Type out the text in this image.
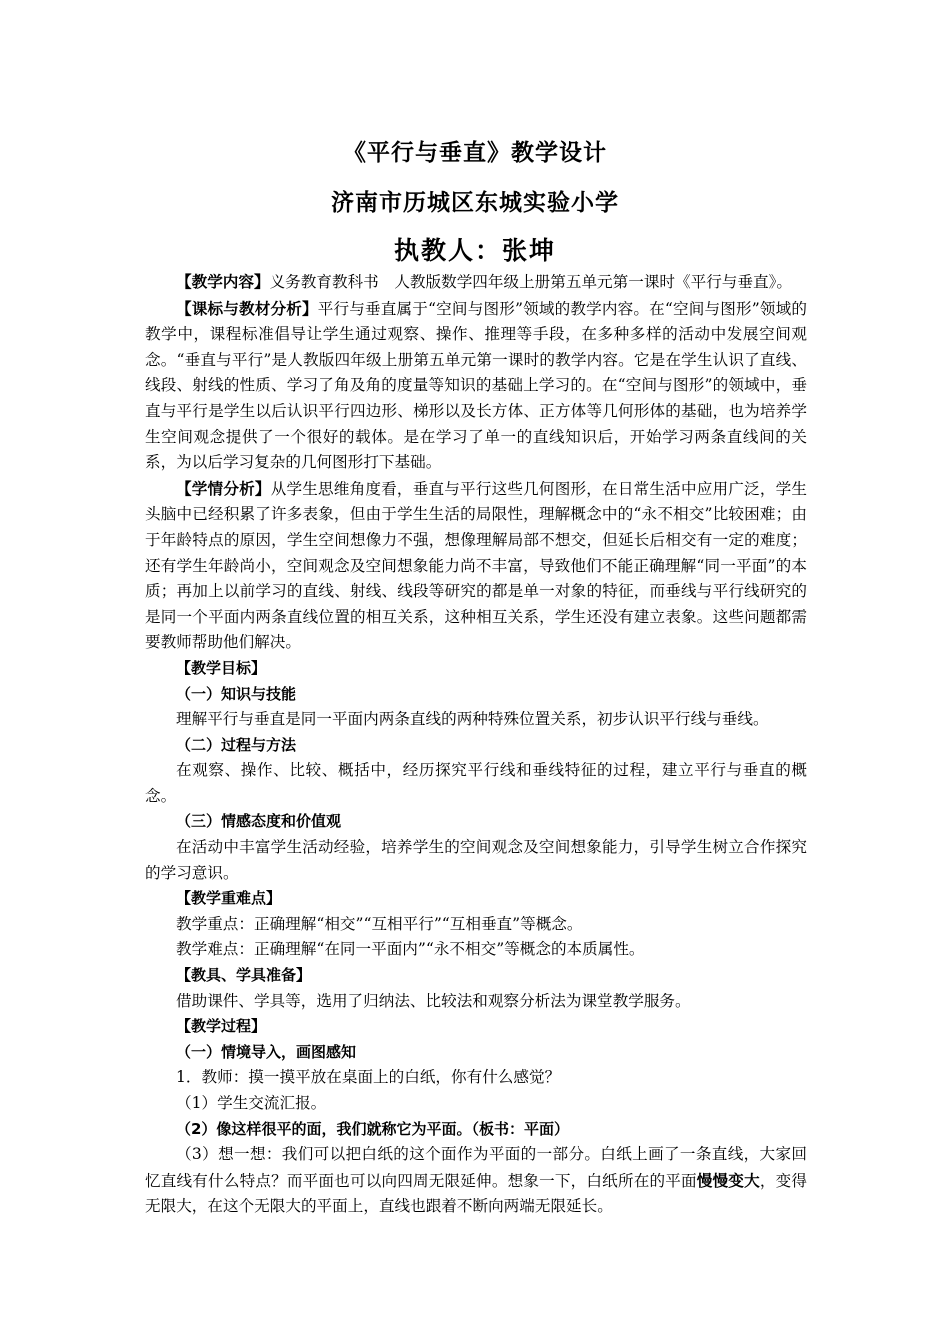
《平行与垂直》教学设计
济南市历城区东城实验小学
执教人：张坤

【教学内容】义务教育教科书　人教版数学四年级上册第五单元第一课时《平行与垂直》。

【课标与教材分析】平行与垂直属于“空间与图形”领域的教学内容。在“空间与图形”领域的教学中，课程标准倡导让学生通过观察、操作、推理等手段，在多种多样的活动中发展空间观念。“垂直与平行”是人教版四年级上册第五单元第一课时的教学内容。它是在学生认识了直线、线段、射线的性质、学习了角及角的度量等知识的基础上学习的。在“空间与图形”的领域中，垂直与平行是学生以后认识平行四边形、梯形以及长方体、正方体等几何形体的基础，也为培养学生空间观念提供了一个很好的载体。是在学习了单一的直线知识后，开始学习两条直线间的关系，为以后学习复杂的几何图形打下基础。

【学情分析】从学生思维角度看，垂直与平行这些几何图形，在日常生活中应用广泛，学生头脑中已经积累了许多表象，但由于学生生活的局限性，理解概念中的“永不相交”比较困难；由于年龄特点的原因，学生空间想像力不强，想像理解局部不想交，但延长后相交有一定的难度；还有学生年龄尚小，空间观念及空间想象能力尚不丰富，导致他们不能正确理解“同一平面”的本质；再加上以前学习的直线、射线、线段等研究的都是单一对象的特征，而垂线与平行线研究的是同一个平面内两条直线位置的相互关系，这种相互关系，学生还没有建立表象。这些问题都需要教师帮助他们解决。

【教学目标】

（一）知识与技能

理解平行与垂直是同一平面内两条直线的两种特殊位置关系，初步认识平行线与垂线。

（二）过程与方法

在观察、操作、比较、概括中，经历探究平行线和垂线特征的过程，建立平行与垂直的概念。

（三）情感态度和价值观

在活动中丰富学生活动经验，培养学生的空间观念及空间想象能力，引导学生树立合作探究的学习意识。

【教学重难点】

教学重点：正确理解“相交”“互相平行”“互相垂直”等概念。

教学难点：正确理解“在同一平面内”“永不相交”等概念的本质属性。

【教具、学具准备】

借助课件、学具等，选用了归纳法、比较法和观察分析法为课堂教学服务。

【教学过程】

（一）情境导入，画图感知

1．教师：摸一摸平放在桌面上的白纸，你有什么感觉？

（1）学生交流汇报。

（2）像这样很平的面，我们就称它为平面。（板书：平面）

（3）想一想：我们可以把白纸的这个面作为平面的一部分。白纸上画了一条直线，大家回忆直线有什么特点？而平面也可以向四周无限延伸。想象一下，白纸所在的平面慢慢变大，变得无限大，在这个无限大的平面上，直线也跟着不断向两端无限延长。
